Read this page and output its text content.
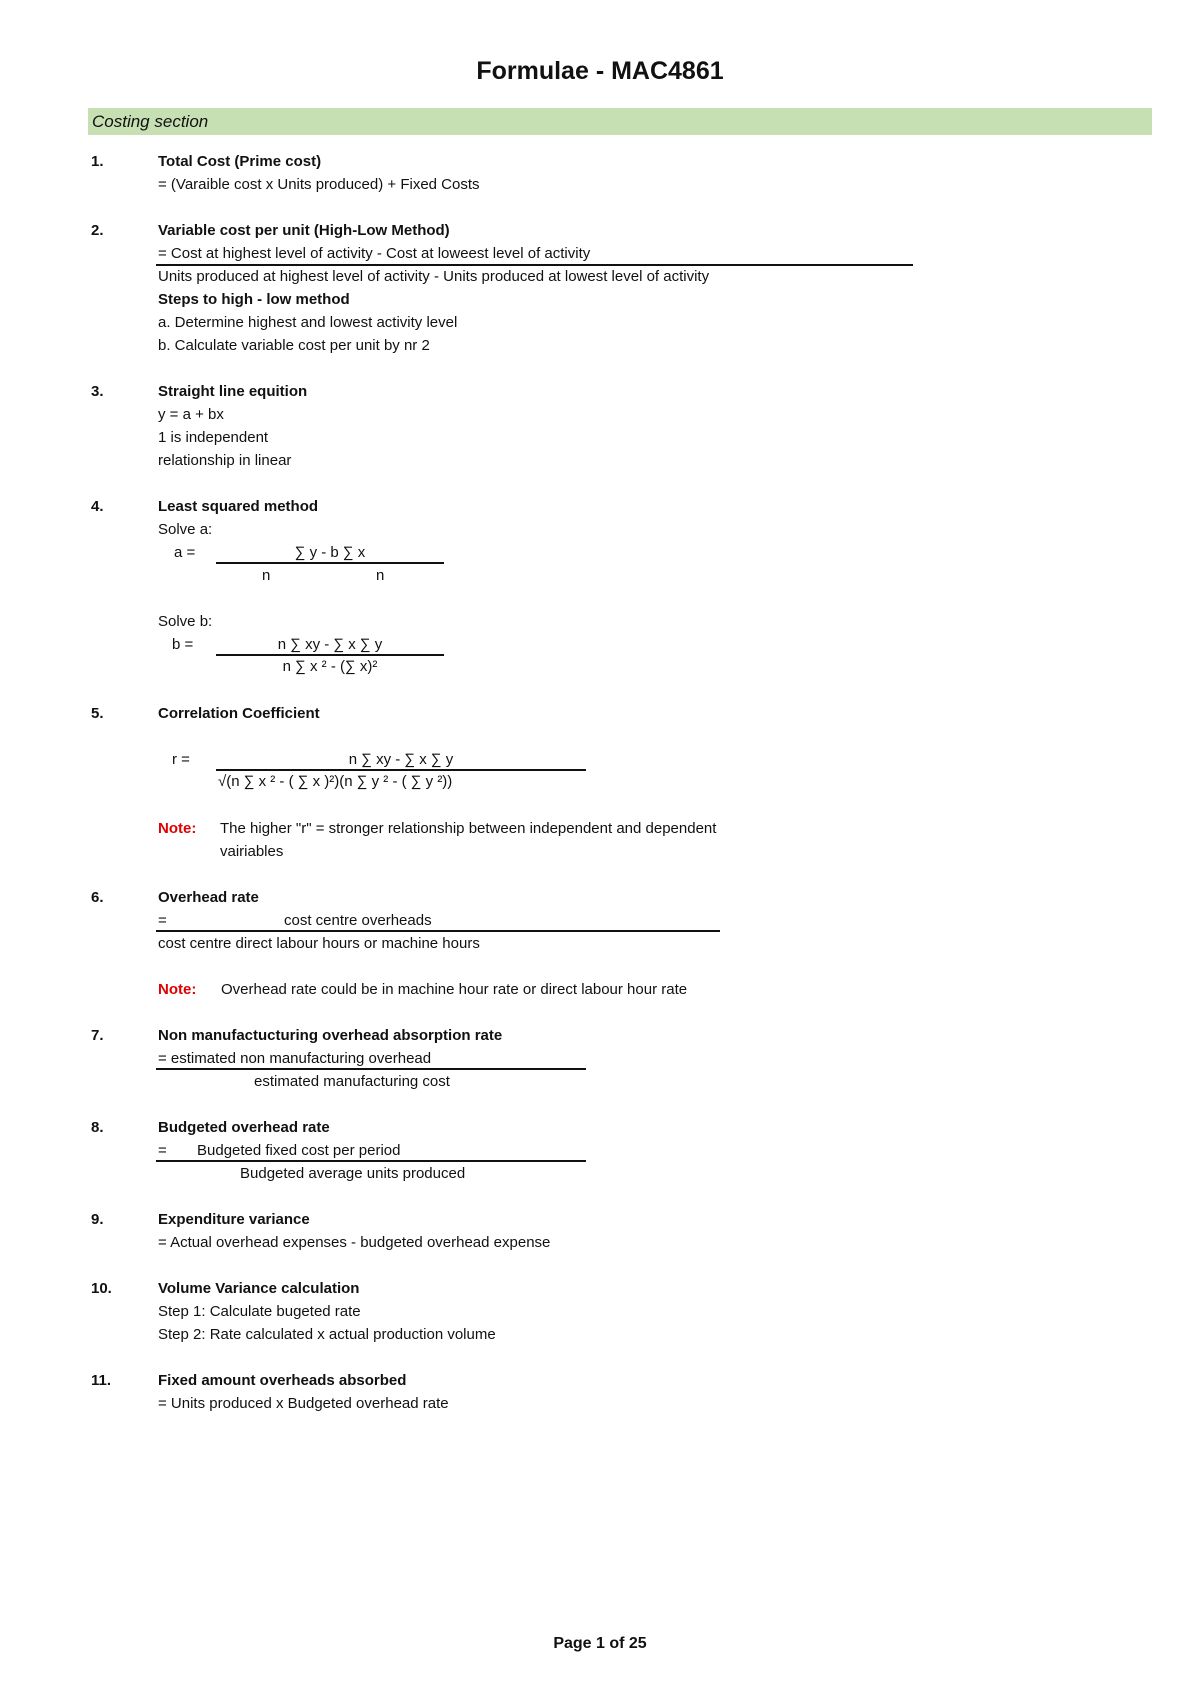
Formulae - MAC4861
Costing section
1.	Total Cost (Prime cost)
= (Varaible cost x Units produced) + Fixed Costs
2.	Variable cost per unit (High-Low Method)
= Cost at highest level of activity - Cost at loweest level of activity
Units produced at highest level of activity - Units produced at lowest level of activity
Steps to high - low method
a. Determine highest and lowest activity level
b. Calculate variable cost per unit by nr 2
3.	Straight line equition
y = a + bx
1 is independent
relationship in linear
4.	Least squared method
Solve a:
a =	∑ y - b ∑ x
n	n
Solve b:
b =	n ∑ xy - ∑ x ∑ y
n ∑ x ² - (∑ x)²
5.	Correlation Coefficient
r =	n ∑ xy - ∑ x ∑ y
√(n ∑ x ² - ( ∑ x )²)(n ∑ y ² - ( ∑ y ²))
Note: The higher "r" = stronger relationship between independent and dependent
vairiables
6.	Overhead rate
=	cost centre overheads
cost centre direct labour hours or machine hours
Note: Overhead rate could be in machine hour rate or direct labour hour rate
7.	Non manufactucturing overhead absorption rate
= estimated non manufacturing overhead
estimated manufacturing cost
8.	Budgeted overhead rate
= Budgeted fixed cost per period
Budgeted average units produced
9.	Expenditure variance
= Actual overhead expenses - budgeted overhead expense
10.	Volume Variance calculation
Step 1: Calculate bugeted rate
Step 2: Rate calculated x actual production volume
11.	Fixed amount overheads absorbed
= Units produced x Budgeted overhead rate
Page 1 of 25
